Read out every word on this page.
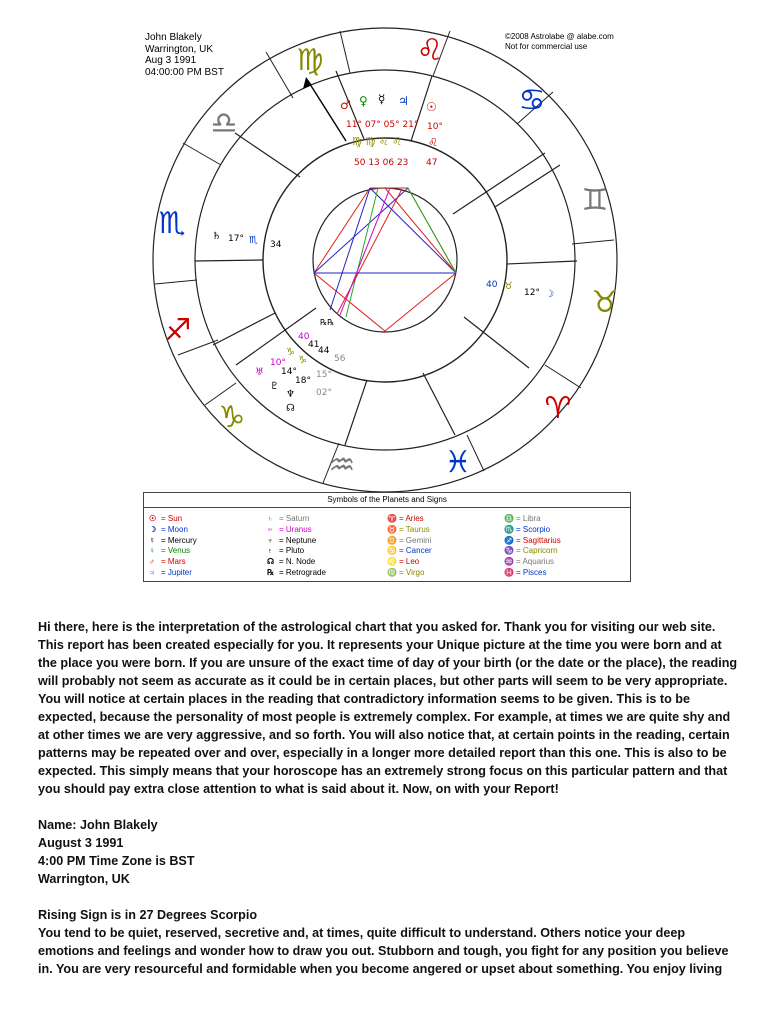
John Blakely
Warrington, UK
Aug 3 1991
04:00:00 PM BST
©2008 Astrolabe @ alabe.com
Not for commercial use
♍	♌
♋
♊
♉
♈
♓
♒
♑
♐
♏
♎
♂ ♀ ☿ ♃ ☉
11° 07° 05° 21°
♍ ♍ ♌ ♌
50 13 06 23
10°
♌
47
♄ 17° ♏ 34
40 ♉
12° ☽
℞℞
40
41
44
56
♑
♑
10°
14°
18°
02°
15°
♅
♇
♆
☊
Symbols of the Planets and Signs
☉ = Sun
☽ = Moon
☿ = Mercury
♀ = Venus
♂ = Mars
♃ = Jupiter
♄ = Saturn
♅ = Uranus
♆ = Neptune
♇ = Pluto
☊ = N. Node
℞ = Retrograde
♈ = Aries
♉ = Taurus
♊ = Gemini
♋ = Cancer
♌ = Leo
♍ = Virgo
♎ = Libra
♏ = Scorpio
♐ = Sagittarius
♑ = Capricorn
♒ = Aquarius
♓ = Pisces

Hi there, here is the interpretation of the astrological chart that you asked for. Thank you for visiting our web site. This report has been created especially for you. It represents your Unique picture at the time you were born and at the place you were born. If you are unsure of the exact time of day of your birth (or the date or the place), the reading will probably not seem as accurate as it could be in certain places, but other parts will seem to be very appropriate. You will notice at certain places in the reading that contradictory information seems to be given. This is to be expected, because the personality of most people is extremely complex. For example, at times we are quite shy and at other times we are very aggressive, and so forth. You will also notice that, at certain points in the reading, certain patterns may be repeated over and over, especially in a longer more detailed report than this one. This is also to be expected. This simply means that your horoscope has an extremely strong focus on this particular pattern and that you should pay extra close attention to what is said about it. Now, on with your Report!

Name: John Blakely

August 3 1991

4:00 PM Time Zone is BST

Warrington, UK

Rising Sign is in 27 Degrees Scorpio

You tend to be quiet, reserved, secretive and, at times, quite difficult to understand. Others notice your deep emotions and feelings and wonder how to draw you out. Stubborn and tough, you fight for any position you believe in. You are very resourceful and formidable when you become angered or upset about something. You enjoy living
